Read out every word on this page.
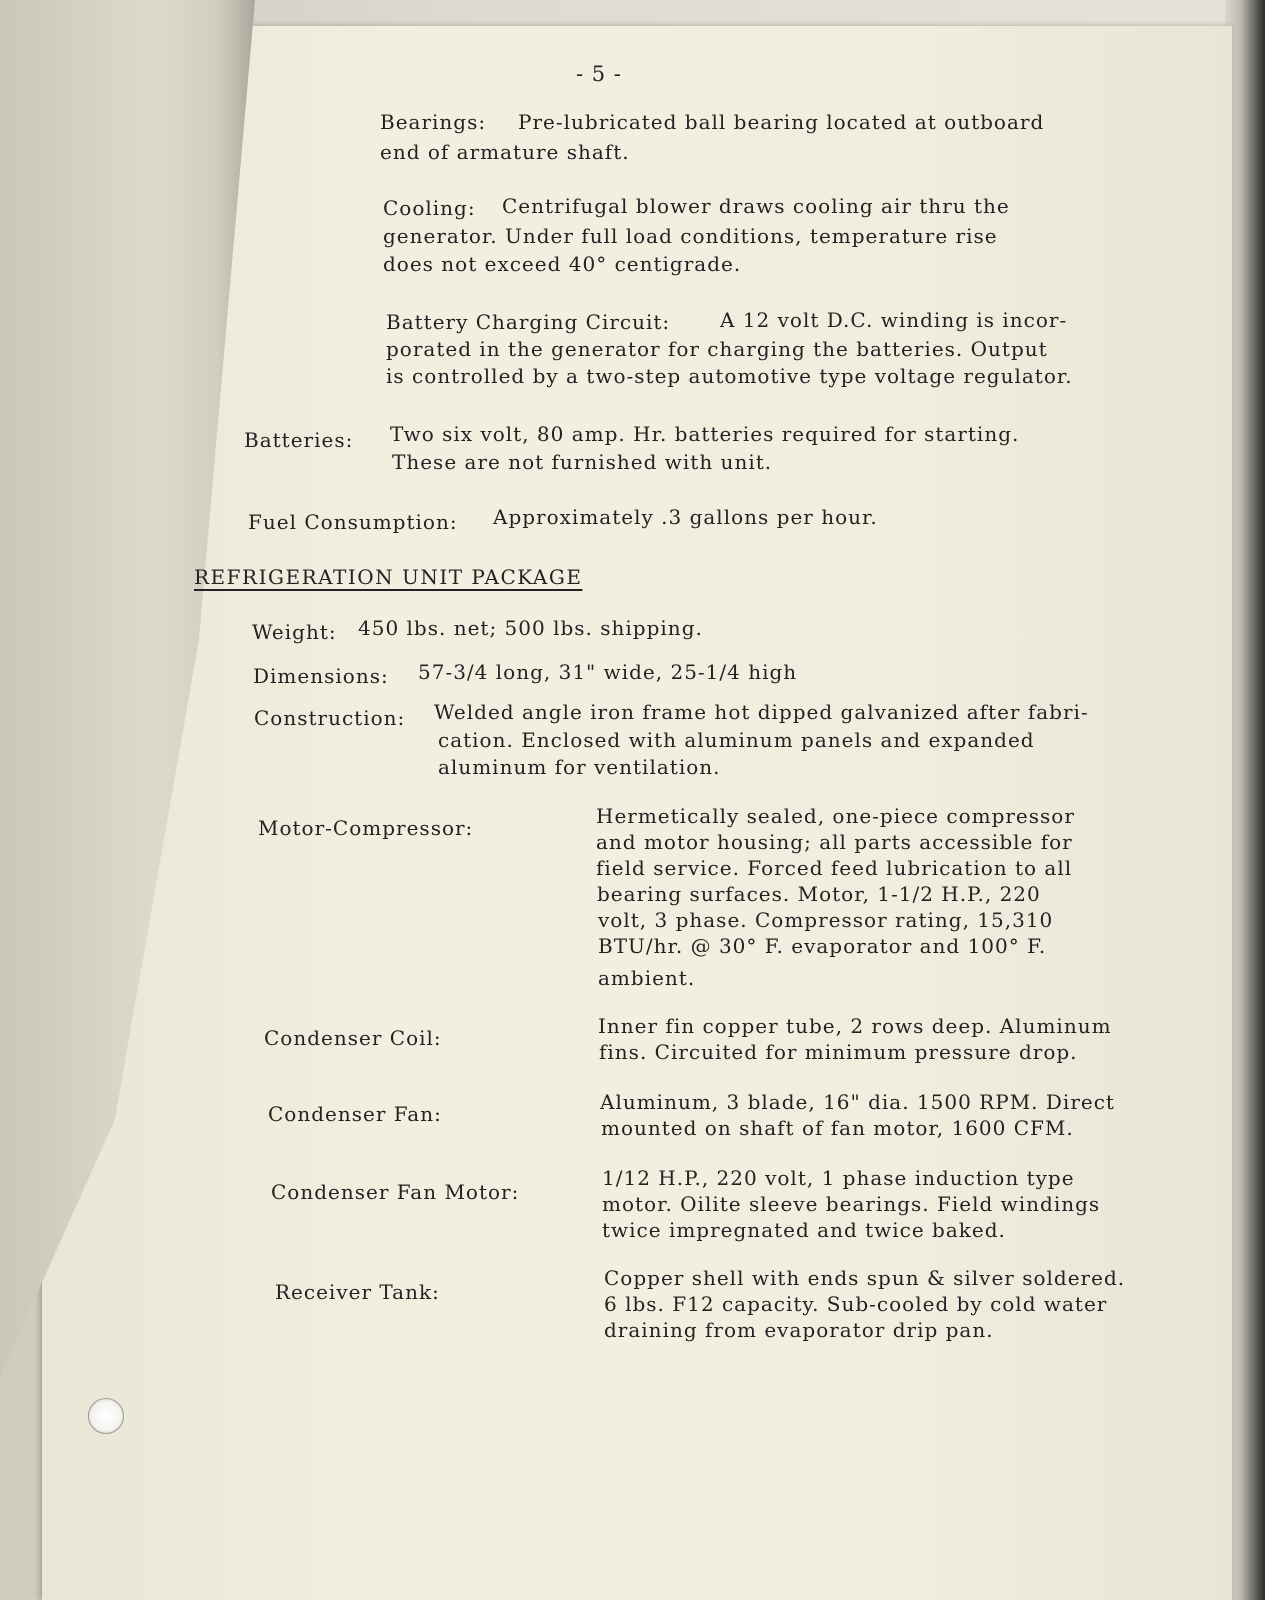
- 5 -
Bearings: Pre-lubricated ball bearing located at outboard
end of armature shaft.
Cooling: Centrifugal blower draws cooling air thru the
generator. Under full load conditions, temperature rise
does not exceed 40° centigrade.
Battery Charging Circuit: A 12 volt D.C. winding is incor-
porated in the generator for charging the batteries. Output
is controlled by a two-step automotive type voltage regulator.
Batteries: Two six volt, 80 amp. Hr. batteries required for starting.
These are not furnished with unit.
Fuel Consumption: Approximately .3 gallons per hour.
REFRIGERATION UNIT PACKAGE
Weight: 450 lbs. net; 500 lbs. shipping.
Dimensions: 57-3/4 long, 31" wide, 25-1/4 high
Construction: Welded angle iron frame hot dipped galvanized after fabri-
cation. Enclosed with aluminum panels and expanded
aluminum for ventilation.
Motor-Compressor:	Hermetically sealed, one-piece compressor
and motor housing; all parts accessible for
field service. Forced feed lubrication to all
bearing surfaces. Motor, 1-1/2 H.P., 220
volt, 3 phase. Compressor rating, 15,310
BTU/hr. @ 30° F. evaporator and 100° F.
ambient.
Condenser Coil:	Inner fin copper tube, 2 rows deep. Aluminum
fins. Circuited for minimum pressure drop.
Condenser Fan:	Aluminum, 3 blade, 16" dia. 1500 RPM. Direct
mounted on shaft of fan motor, 1600 CFM.
Condenser Fan Motor:
1/12 H.P., 220 volt, 1 phase induction type
motor. Oilite sleeve bearings. Field windings
twice impregnated and twice baked.
Receiver Tank:
Copper shell with ends spun & silver soldered.
6 lbs. F12 capacity. Sub-cooled by cold water
draining from evaporator drip pan.
